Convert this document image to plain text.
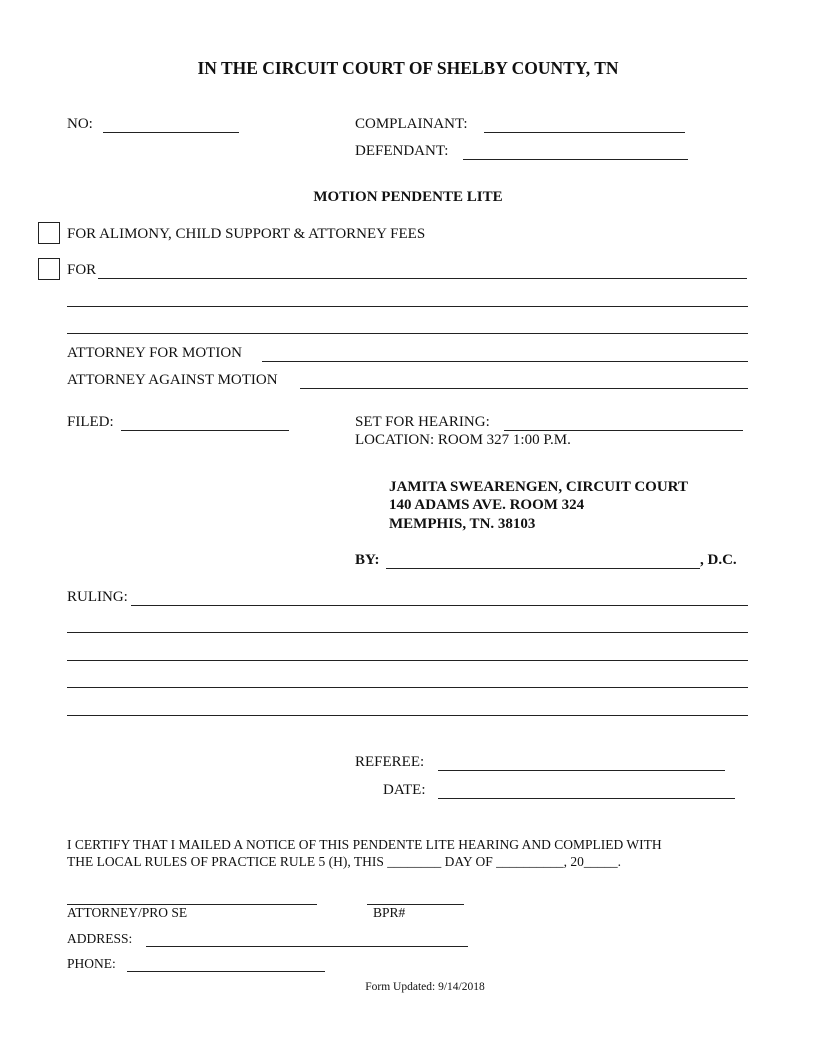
IN THE CIRCUIT COURT OF SHELBY COUNTY, TN
NO:	COMPLAINANT:
DEFENDANT:
MOTION PENDENTE LITE
FOR ALIMONY, CHILD SUPPORT & ATTORNEY FEES
FOR
ATTORNEY FOR MOTION
ATTORNEY AGAINST MOTION
FILED:	SET FOR HEARING:
LOCATION: ROOM 327 1:00 P.M.
JAMITA SWEARENGEN, CIRCUIT COURT
140 ADAMS AVE. ROOM 324
MEMPHIS, TN. 38103
BY:	, D.C.
RULING:
REFEREE:
DATE:
I CERTIFY THAT I MAILED A NOTICE OF THIS PENDENTE LITE HEARING AND COMPLIED WITH
THE LOCAL RULES OF PRACTICE RULE 5 (H), THIS ________ DAY OF __________, 20_____.
ATTORNEY/PRO SE	BPR#
ADDRESS:
PHONE:
Form Updated: 9/14/2018
